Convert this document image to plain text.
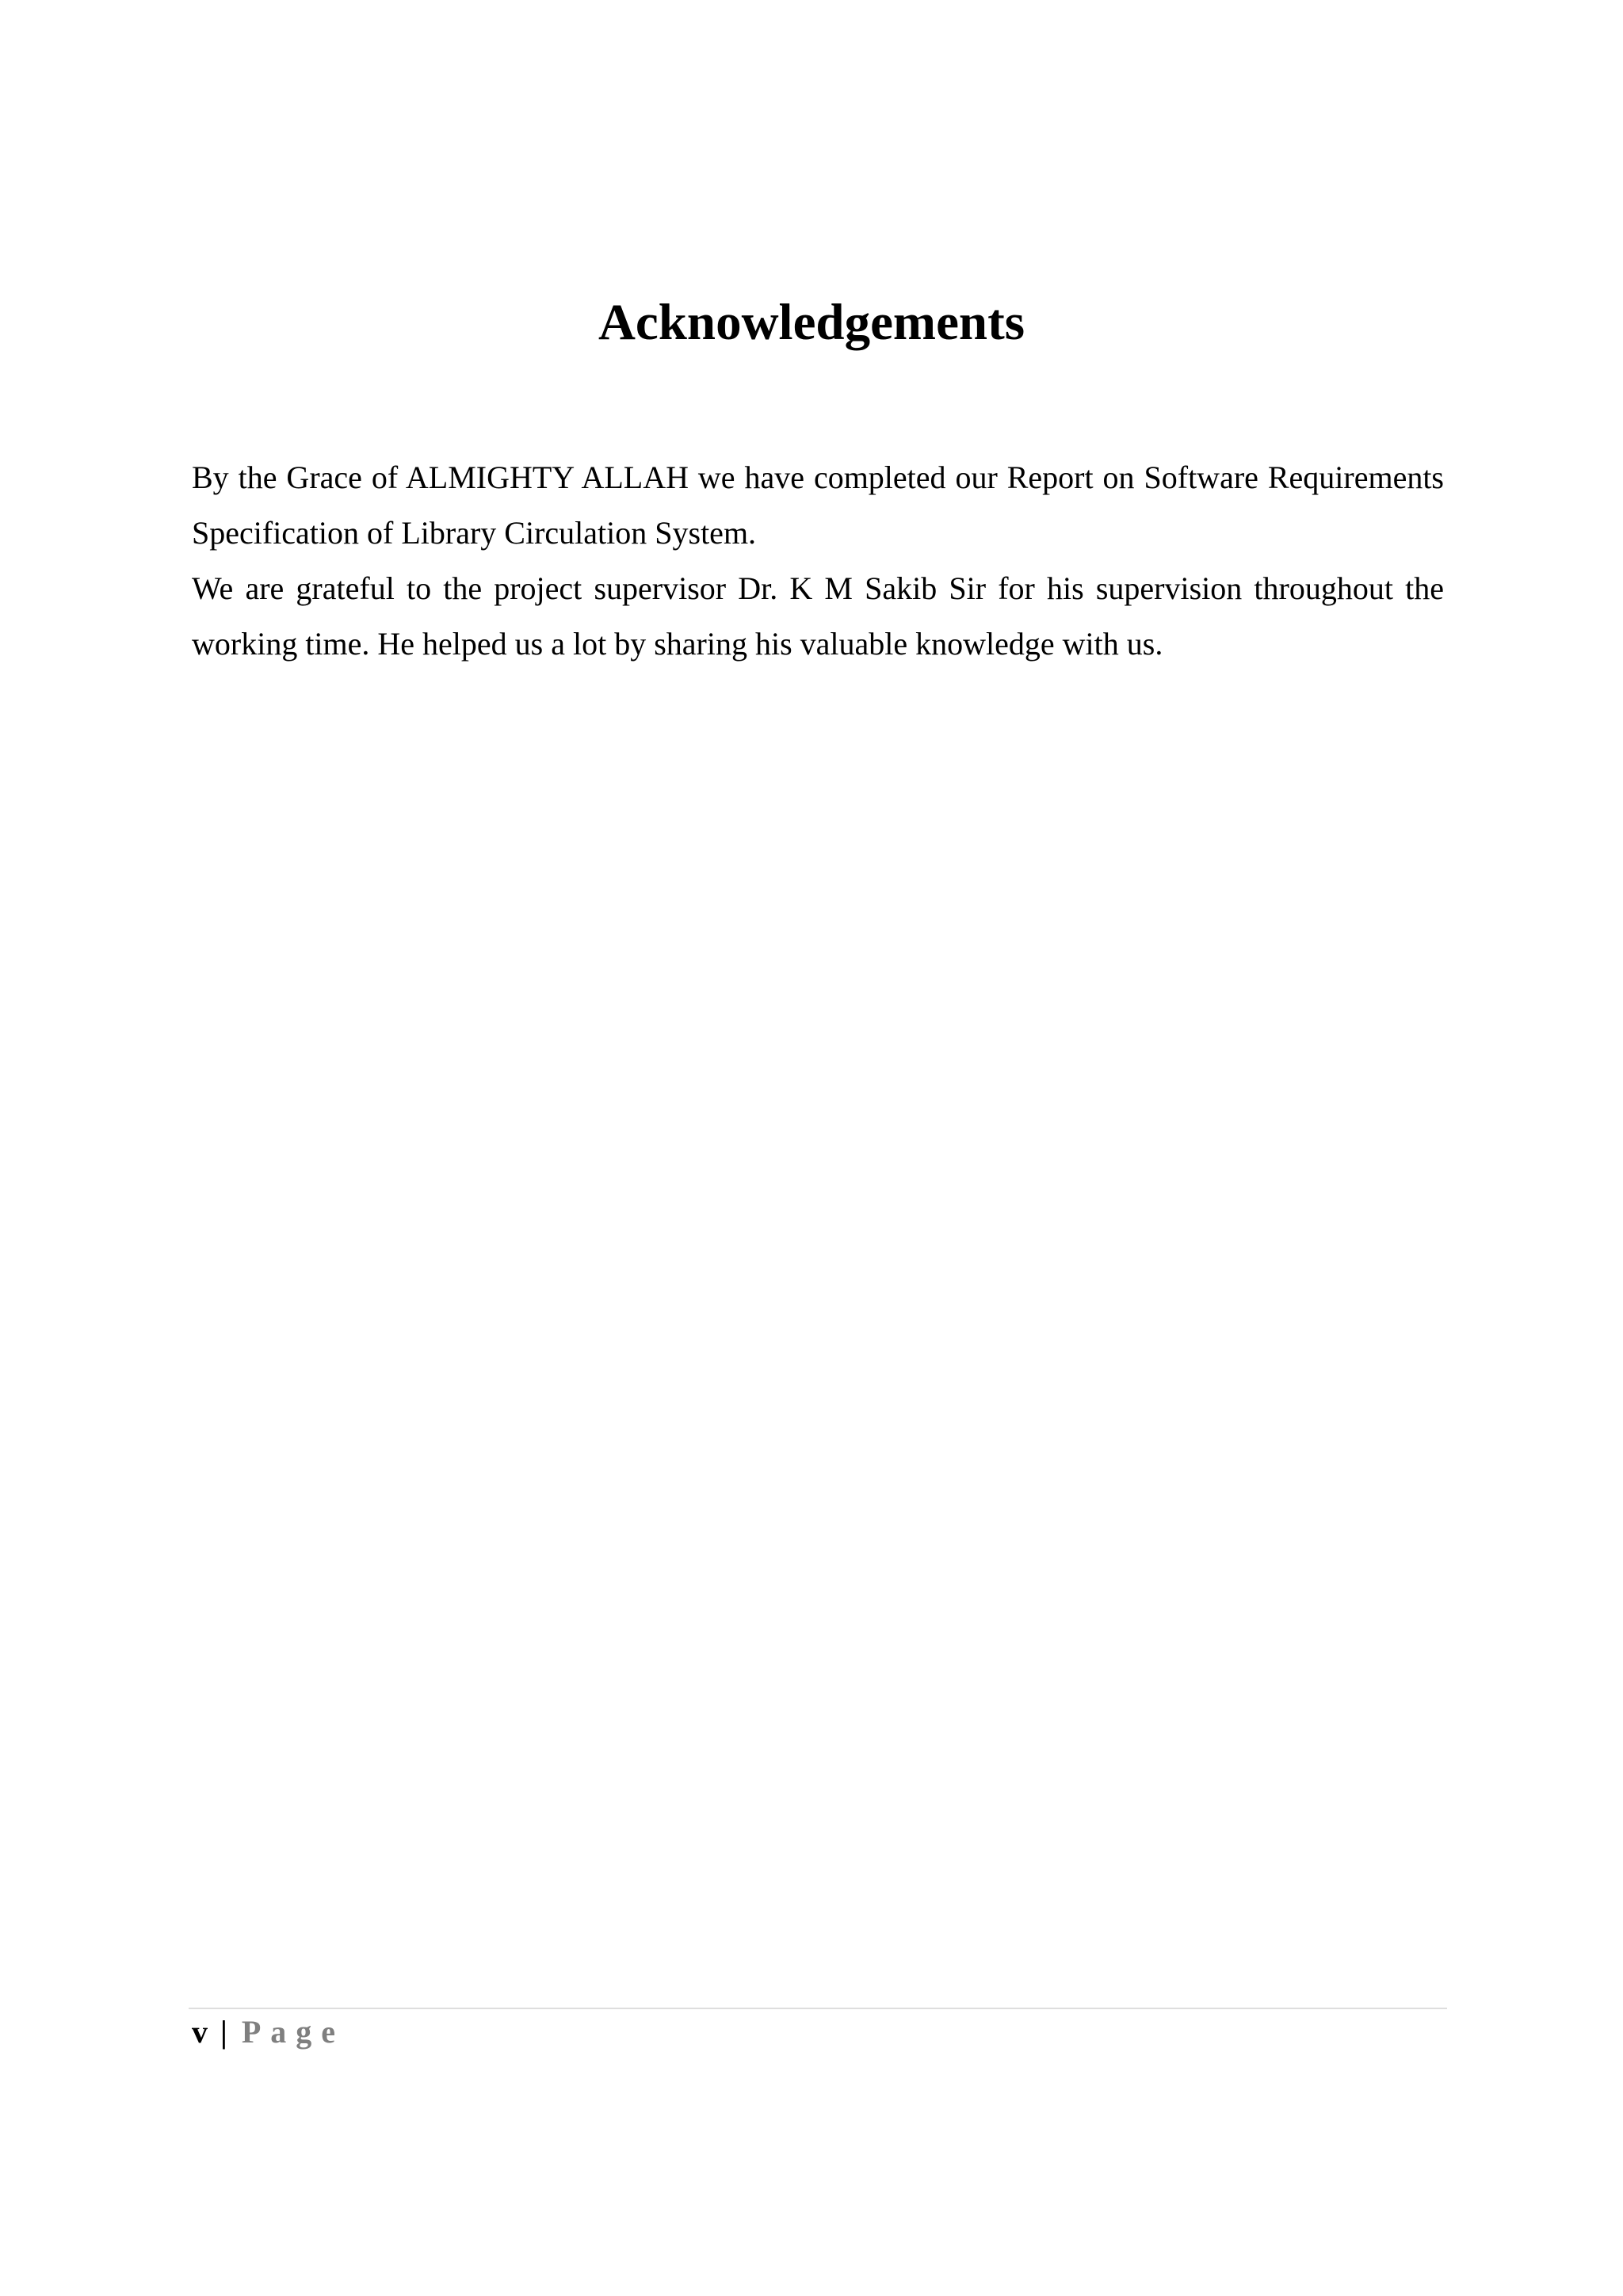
Acknowledgements

By the Grace of ALMIGHTY ALLAH we have completed our Report on Software Requirements Specification of Library Circulation System.

We are grateful to the project supervisor Dr. K M Sakib Sir for his supervision throughout the working time. He helped us a lot by sharing his valuable knowledge with us.

v | Page
